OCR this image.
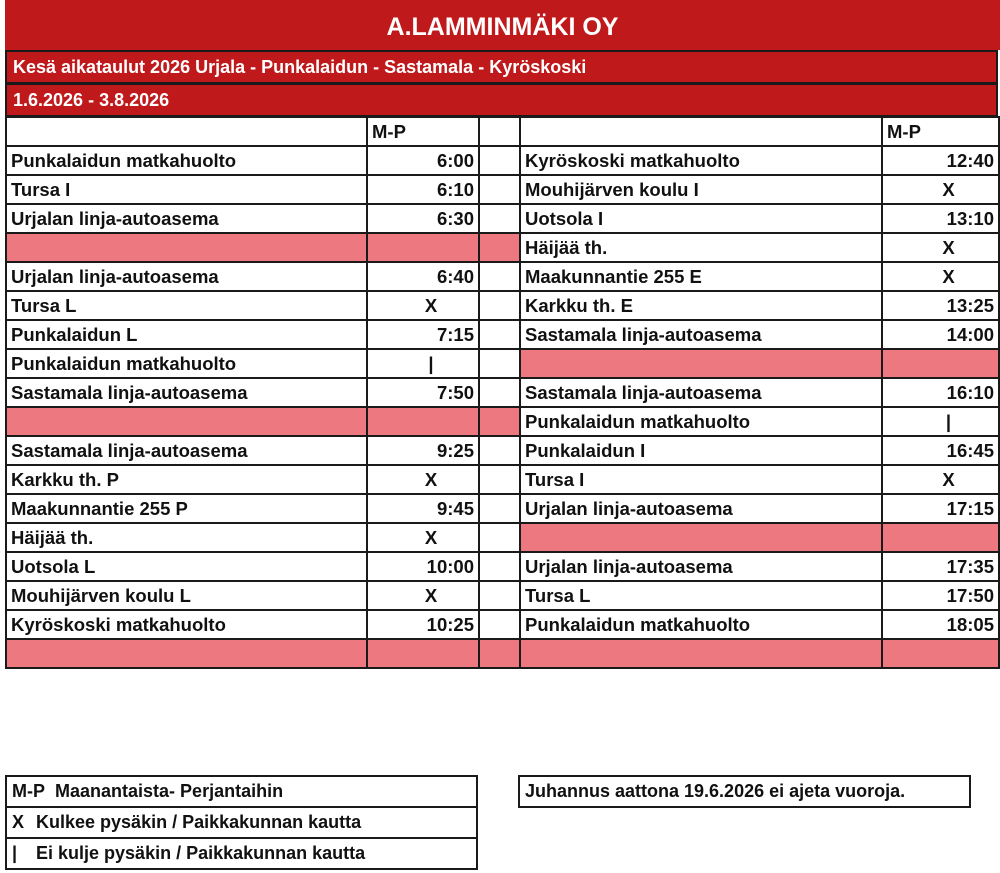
A.LAMMINMÄKI OY
Kesä aikataulut 2026 Urjala - Punkalaidun - Sastamala - Kyröskoski
1.6.2026 - 3.8.2026
	M-P			M-P
Punkalaidun matkahuolto	6:00		Kyröskoski matkahuolto	12:40
Tursa I	6:10		Mouhijärven koulu I	X
Urjalan linja-autoasema	6:30		Uotsola I	13:10
			Häijää th.	X
Urjalan linja-autoasema	6:40		Maakunnantie 255 E	X
Tursa L	X		Karkku th. E	13:25
Punkalaidun L	7:15		Sastamala linja-autoasema	14:00
Punkalaidun matkahuolto	|			
Sastamala linja-autoasema	7:50		Sastamala linja-autoasema	16:10
			Punkalaidun matkahuolto	|
Sastamala linja-autoasema	9:25		Punkalaidun I	16:45
Karkku th. P	X		Tursa I	X
Maakunnantie 255 P	9:45		Urjalan linja-autoasema	17:15
Häijää th.	X			
Uotsola L	10:00		Urjalan linja-autoasema	17:35
Mouhijärven koulu L	X		Tursa L	17:50
Kyröskoski matkahuolto	10:25		Punkalaidun matkahuolto	18:05

M-P Maanantaista- Perjantaihin
X Kulkee pysäkin / Paikkakunnan kautta
| Ei kulje pysäkin / Paikkakunnan kautta
Juhannus aattona 19.6.2026 ei ajeta vuoroja.
